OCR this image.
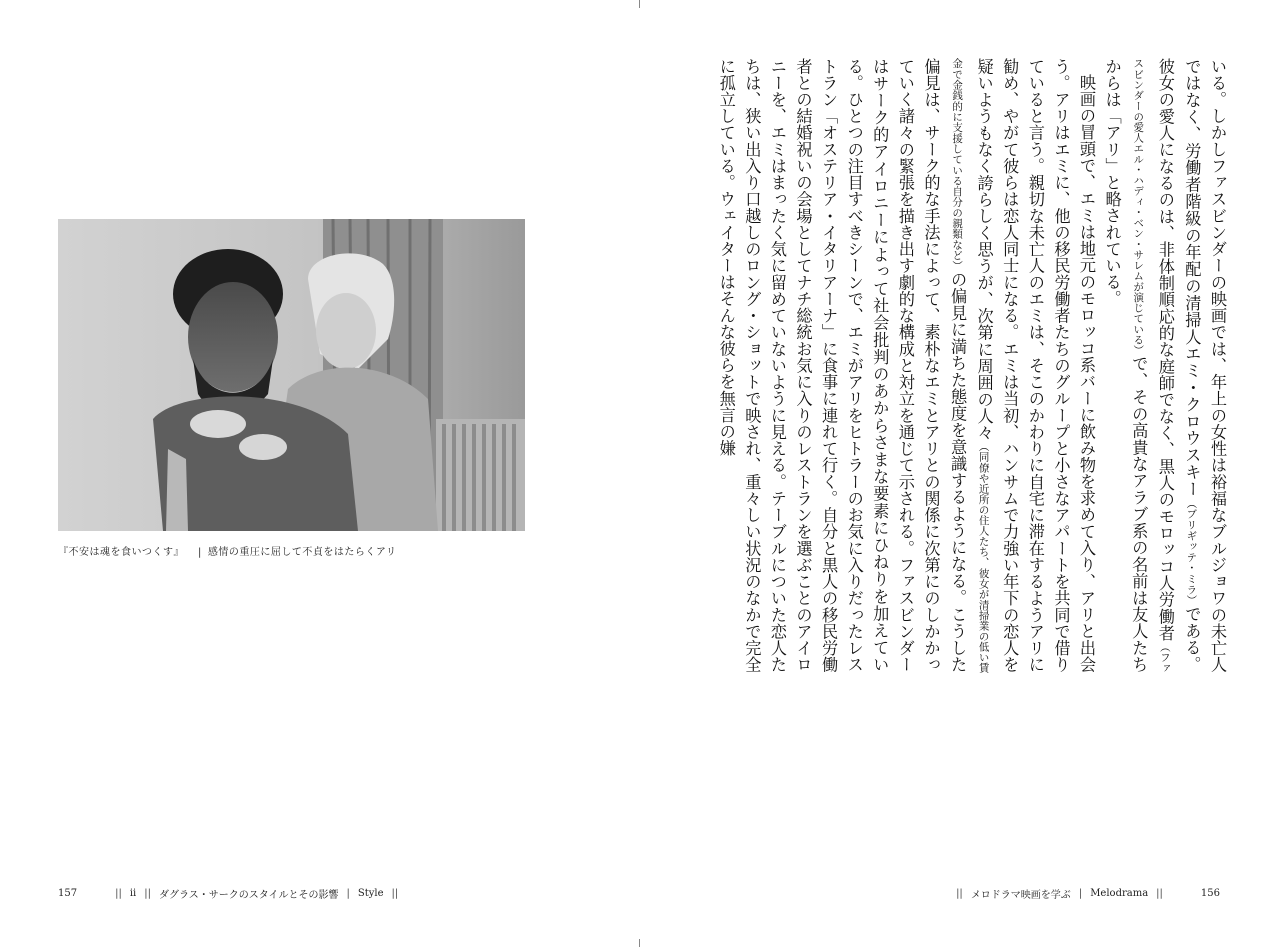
『不安は魂を食いつくす』 | 感情の重圧に屈して不貞をはたらくアリ
157	|| ii || ダグラス・サークのスタイルとその影響 | Style ||

いる。しかしファスビンダーの映画では、年上の女性は裕福なブルジョワの未亡人ではなく、労働者階級の年配の清掃人エミ・クロウスキー（ブリギッテ・ミラ）である。彼女の愛人になるのは、非体制順応的な庭師でなく、黒人のモロッコ人労働者（ファスビンダーの愛人エル・ハディ・ベン・サレムが演じている）で、その高貴なアラブ系の名前は友人たちからは「アリ」と略されている。

映画の冒頭で、エミは地元のモロッコ系バーに飲み物を求めて入り、アリと出会う。アリはエミに、他の移民労働者たちのグループと小さなアパートを共同で借りていると言う。親切な未亡人のエミは、そこのかわりに自宅に滞在するようアリに勧め、やがて彼らは恋人同士になる。エミは当初、ハンサムで力強い年下の恋人を疑いようもなく誇らしく思うが、次第に周囲の人々（同僚や近所の住人たち、彼女が清掃業の低い賃金で金銭的に支援している自分の親類など）の偏見に満ちた態度を意識するようになる。こうした偏見は、サーク的な手法によって、素朴なエミとアリとの関係に次第にのしかかっていく諸々の緊張を描き出す劇的な構成と対立を通じて示される。ファスビンダーはサーク的アイロニーによって社会批判のあからさまな要素にひねりを加えている。ひとつの注目すべきシーンで、エミがアリをヒトラーのお気に入りだったレストラン「オステリア・イタリアーナ」に食事に連れて行く。自分と黒人の移民労働者との結婚祝いの会場としてナチ総統お気に入りのレストランを選ぶことのアイロニーを、エミはまったく気に留めていないように見える。テーブルについた恋人たちは、狭い出入り口越しのロング・ショットで映され、重々しい状況のなかで完全に孤立している。ウェイターはそんな彼らを無言の嫌

|| メロドラマ映画を学ぶ | Melodrama ||	156
